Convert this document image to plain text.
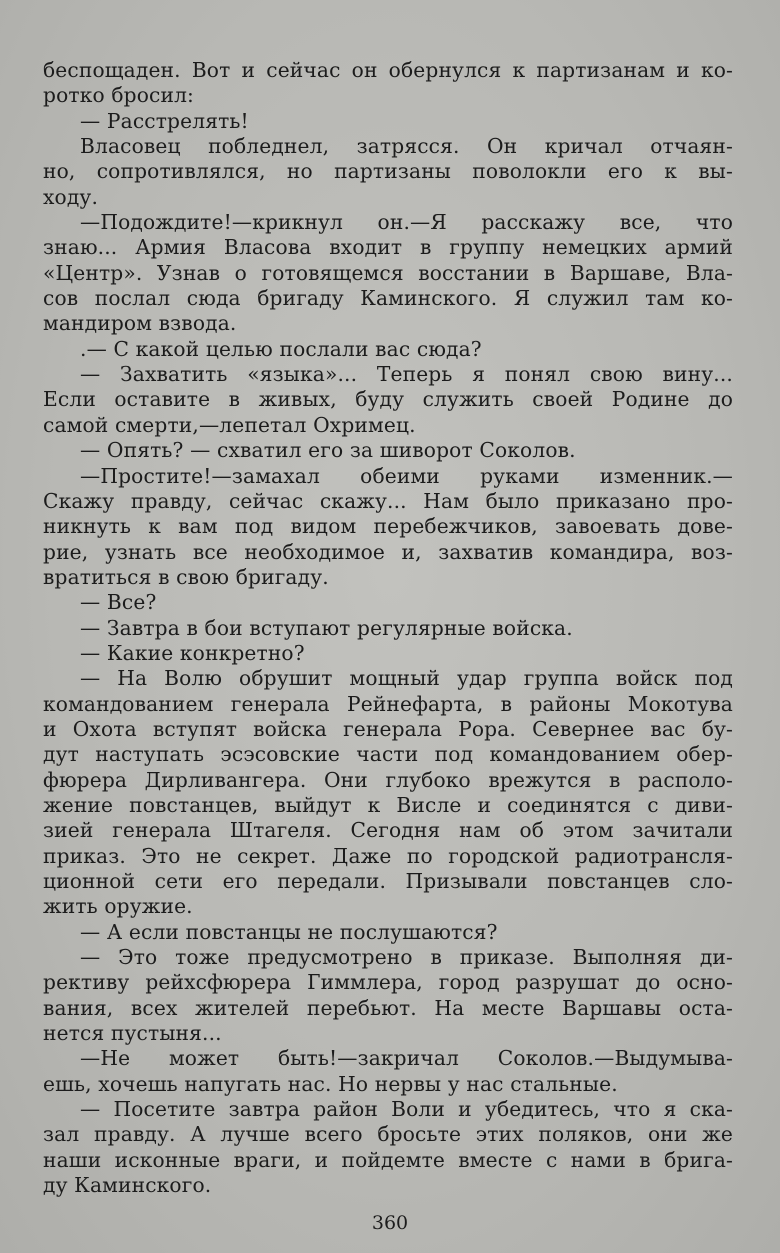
беспощаден. Вот и сейчас он обернулся к партизанам и ко-
ротко бросил:
— Расстрелять!
Власовец побледнел, затрясся. Он кричал отчаян-
но, сопротивлялся, но партизаны поволокли его к вы-
ходу.
—Подождите!—крикнул он.—Я расскажу все, что
знаю... Армия Власова входит в группу немецких армий
«Центр». Узнав о готовящемся восстании в Варшаве, Вла-
сов послал сюда бригаду Каминского. Я служил там ко-
мандиром взвода.
.— С какой целью послали вас сюда?
— Захватить «языка»... Теперь я понял свою вину...
Если оставите в живых, буду служить своей Родине до
самой смерти,—лепетал Охримец.
— Опять? — схватил его за шиворот Соколов.
—Простите!—замахал обеими руками изменник.—
Скажу правду, сейчас скажу... Нам было приказано про-
никнуть к вам под видом перебежчиков, завоевать дове-
рие, узнать все необходимое и, захватив командира, воз-
вратиться в свою бригаду.
— Все?
— Завтра в бои вступают регулярные войска.
— Какие конкретно?
— На Волю обрушит мощный удар группа войск под
командованием генерала Рейнефарта, в районы Мокотува
и Охота вступят войска генерала Рора. Севернее вас бу-
дут наступать эсэсовские части под командованием обер-
фюрера Дирливангера. Они глубоко врежутся в располо-
жение повстанцев, выйдут к Висле и соединятся с диви-
зией генерала Штагеля. Сегодня нам об этом зачитали
приказ. Это не секрет. Даже по городской радиотрансля-
ционной сети его передали. Призывали повстанцев сло-
жить оружие.
— А если повстанцы не послушаются?
— Это тоже предусмотрено в приказе. Выполняя ди-
рективу рейхсфюрера Гиммлера, город разрушат до осно-
вания, всех жителей перебьют. На месте Варшавы оста-
нется пустыня...
—Не может быть!—закричал Соколов.—Выдумыва-
ешь, хочешь напугать нас. Но нервы у нас стальные.
— Посетите завтра район Воли и убедитесь, что я ска-
зал правду. А лучше всего бросьте этих поляков, они же
наши исконные враги, и пойдемте вместе с нами в брига-
ду Каминского.
360
